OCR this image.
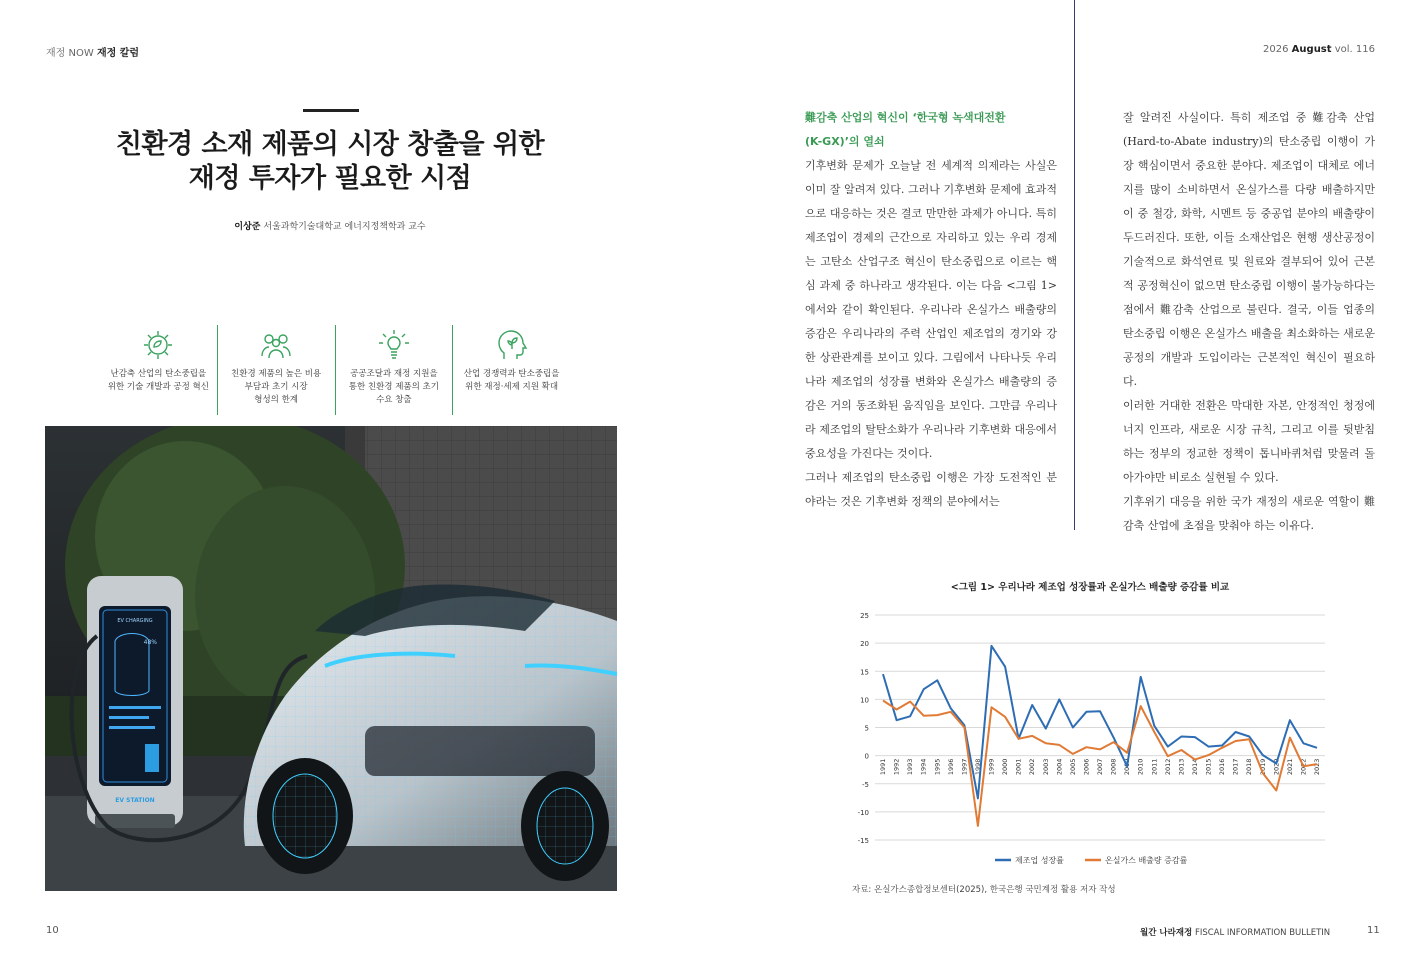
재정 NOW 재정 칼럼	2026 August vol. 116
친환경 소재 제품의 시장 창출을 위한
재정 투자가 필요한 시점
이상준 서울과학기술대학교 에너지정책학과 교수
난감축 산업의 탄소중립을
위한 기술 개발과 공정 혁신
친환경 제품의 높은 비용
부담과 초기 시장
형성의 한계
공공조달과 재정 지원을
통한 친환경 제품의 초기
수요 창출
산업 경쟁력과 탄소중립을
위한 재정·세제 지원 확대
EV CHARGING
48%
EV STATION
難감축 산업의 혁신이 ‘한국형 녹색대전환
(K-GX)’의 열쇠

기후변화 문제가 오늘날 전 세계적 의제라는 사실은 이미 잘 알려져 있다. 그러나 기후변화 문제에 효과적으로 대응하는 것은 결코 만만한 과제가 아니다. 특히 제조업이 경제의 근간으로 자리하고 있는 우리 경제는 고탄소 산업구조 혁신이 탄소중립으로 이르는 핵심 과제 중 하나라고 생각된다. 이는 다음 <그림 1>에서와 같이 확인된다. 우리나라 온실가스 배출량의 증감은 우리나라의 주력 산업인 제조업의 경기와 강한 상관관계를 보이고 있다. 그림에서 나타나듯 우리나라 제조업의 성장률 변화와 온실가스 배출량의 증감은 거의 동조화된 움직임을 보인다. 그만큼 우리나라 제조업의 탈탄소화가 우리나라 기후변화 대응에서 중요성을 가진다는 것이다.

그러나 제조업의 탄소중립 이행은 가장 도전적인 분야라는 것은 기후변화 정책의 분야에서는

잘 알려진 사실이다. 특히 제조업 중 難감축 산업(Hard-to-Abate industry)의 탄소중립 이행이 가장 핵심이면서 중요한 분야다. 제조업이 대체로 에너지를 많이 소비하면서 온실가스를 다량 배출하지만 이 중 철강, 화학, 시멘트 등 중공업 분야의 배출량이 두드러진다. 또한, 이들 소재산업은 현행 생산공정이 기술적으로 화석연료 및 원료와 결부되어 있어 근본적 공정혁신이 없으면 탄소중립 이행이 불가능하다는 점에서 難감축 산업으로 불린다. 결국, 이들 업종의 탄소중립 이행은 온실가스 배출을 최소화하는 새로운 공정의 개발과 도입이라는 근본적인 혁신이 필요하다.

이러한 거대한 전환은 막대한 자본, 안정적인 청정에너지 인프라, 새로운 시장 규칙, 그리고 이를 뒷받침하는 정부의 정교한 정책이 톱니바퀴처럼 맞물려 돌아가야만 비로소 실현될 수 있다.

기후위기 대응을 위한 국가 재정의 새로운 역할이 難감축 산업에 초점을 맞춰야 하는 이유다.

<그림 1> 우리나라 제조업 성장률과 온실가스 배출량 증감률 비교
25
20
15
10
5
0
-5
-10
-15
1991 1992 1993 1994 1995 1996 1997 1998 1999 2000 2001 2002 2003 2004 2005 2006 2007 2008 2009 2010 2011 2012 2013 2014 2015 2016 2017 2018 2019 2020 2021 2022 2023
제조업 성장률	온실가스 배출량 증감률
자료: 온실가스종합정보센터(2025), 한국은행 국민계정 활용 저자 작성
10	월간 나라재정 FISCAL INFORMATION BULLETIN	11
